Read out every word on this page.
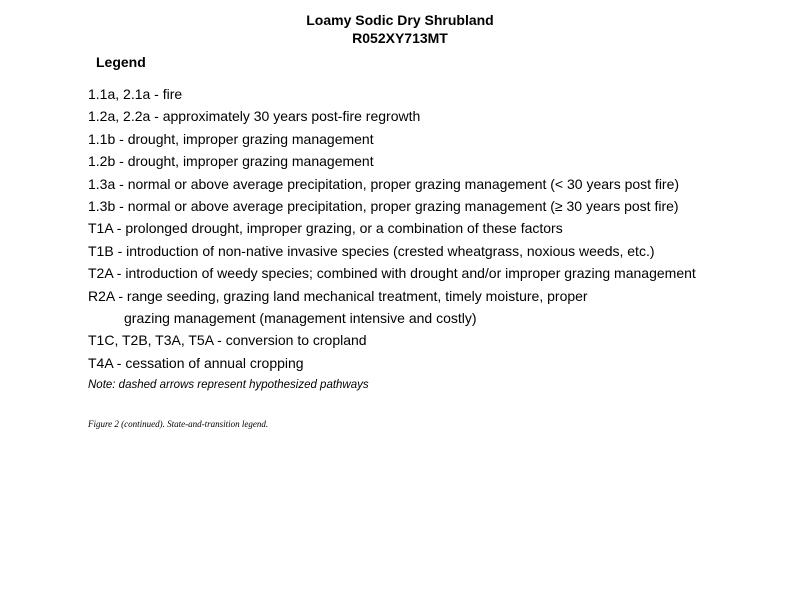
Loamy Sodic Dry Shrubland
R052XY713MT
Legend
1.1a, 2.1a - fire
1.2a, 2.2a - approximately 30 years post-fire regrowth
1.1b - drought, improper grazing management
1.2b - drought, improper grazing management
1.3a - normal or above average precipitation, proper grazing management (< 30 years post fire)
1.3b - normal or above average precipitation, proper grazing management (≥ 30 years post fire)
T1A - prolonged drought, improper grazing, or a combination of these factors
T1B - introduction of non-native invasive species (crested wheatgrass, noxious weeds, etc.)
T2A - introduction of weedy species; combined with drought and/or improper grazing management
R2A - range seeding, grazing land mechanical treatment, timely moisture, proper
grazing management (management intensive and costly)
T1C, T2B, T3A, T5A - conversion to cropland
T4A - cessation of annual cropping
Note: dashed arrows represent hypothesized pathways
Figure 2 (continued). State-and-transition legend.
